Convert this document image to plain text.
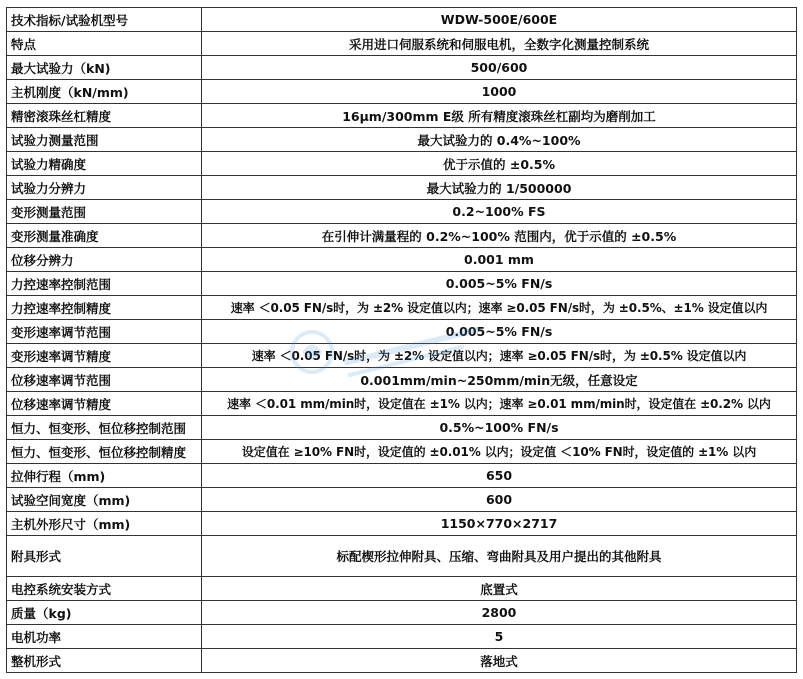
技术指标/试验机型号	WDW-500E/600E
特点	采用进口伺服系统和伺服电机，全数字化测量控制系统
最大试验力（kN)	500/600
主机刚度（kN/mm)	1000
精密滚珠丝杠精度	16μm/300mm E级 所有精度滚珠丝杠副均为磨削加工
试验力测量范围	最大试验力的 0.4%~100%
试验力精确度	优于示值的 ±0.5%
试验力分辨力	最大试验力的 1/500000
变形测量范围	0.2~100% FS
变形测量准确度	在引伸计满量程的 0.2%~100% 范围内，优于示值的 ±0.5%
位移分辨力	0.001 mm
力控速率控制范围	0.005~5% FN/s
力控速率控制精度	速率 ＜0.05 FN/s时，为 ±2% 设定值以内；速率 ≥0.05 FN/s时，为 ±0.5%、±1% 设定值以内
变形速率调节范围	0.005~5% FN/s
变形速率调节精度	速率 ＜0.05 FN/s时，为 ±2% 设定值以内；速率 ≥0.05 FN/s时，为 ±0.5% 设定值以内
位移速率调节范围	0.001mm/min~250mm/min无级，任意设定
位移速率调节精度	速率 ＜0.01 mm/min时，设定值在 ±1% 以内；速率 ≥0.01 mm/min时，设定值在 ±0.2% 以内
恒力、恒变形、恒位移控制范围	0.5%~100% FN/s
恒力、恒变形、恒位移控制精度	设定值在 ≥10% FN时，设定值的 ±0.01% 以内；设定值 ＜10% FN时，设定值的 ±1% 以内
拉伸行程（mm)	650
试验空间宽度（mm)	600
主机外形尺寸（mm)	1150×770×2717
附具形式	标配楔形拉伸附具、压缩、弯曲附具及用户提出的其他附具
电控系统安装方式	底置式
质量（kg)	2800
电机功率	5
整机形式	落地式
